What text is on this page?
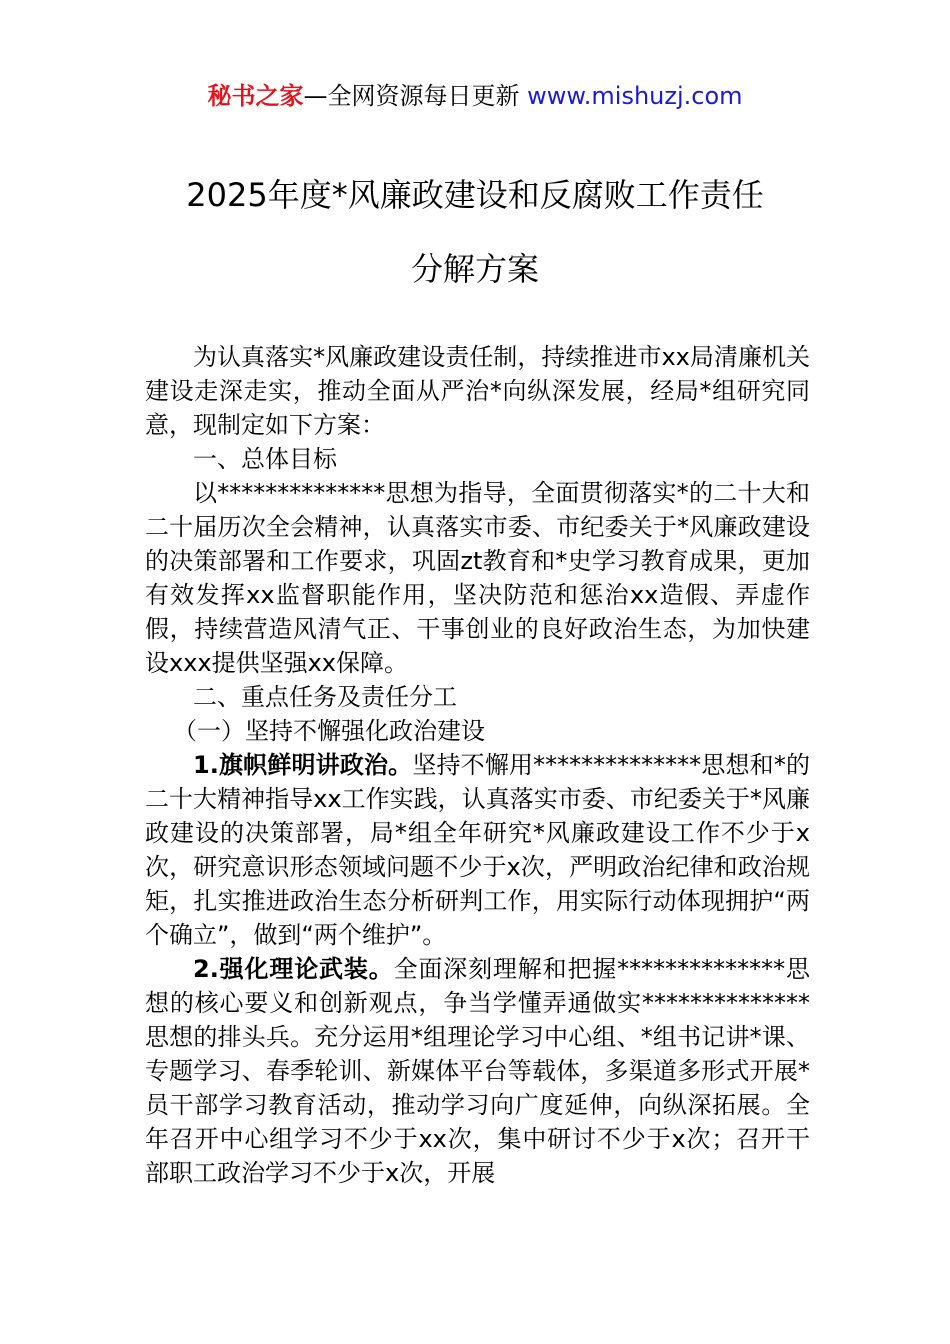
秘书之家—全网资源每日更新 www.mishuzj.com
2025年度*风廉政建设和反腐败工作责任
分解方案

为认真落实*风廉政建设责任制，持续推进市xx局清廉机关建设走深走实，推动全面从严治*向纵深发展，经局*组研究同意，现制定如下方案：

一、总体目标

以**************思想为指导，全面贯彻落实*的二十大和二十届历次全会精神，认真落实市委、市纪委关于*风廉政建设的决策部署和工作要求，巩固zt教育和*史学习教育成果，更加有效发挥xx监督职能作用，坚决防范和惩治xx造假、弄虚作假，持续营造风清气正、干事创业的良好政治生态，为加快建设xxx提供坚强xx保障。

二、重点任务及责任分工

（一）坚持不懈强化政治建设

1.旗帜鲜明讲政治。坚持不懈用**************思想和*的二十大精神指导xx工作实践，认真落实市委、市纪委关于*风廉政建设的决策部署，局*组全年研究*风廉政建设工作不少于x次，研究意识形态领域问题不少于x次，严明政治纪律和政治规矩，扎实推进政治生态分析研判工作，用实际行动体现拥护“两个确立”，做到“两个维护”。

2.强化理论武装。全面深刻理解和把握**************思想的核心要义和创新观点，争当学懂弄通做实**************思想的排头兵。充分运用*组理论学习中心组、*组书记讲*课、专题学习、春季轮训、新媒体平台等载体，多渠道多形式开展*员干部学习教育活动，推动学习向广度延伸，向纵深拓展。全年召开中心组学习不少于xx次，集中研讨不少于x次；召开干部职工政治学习不少于x次，开展
